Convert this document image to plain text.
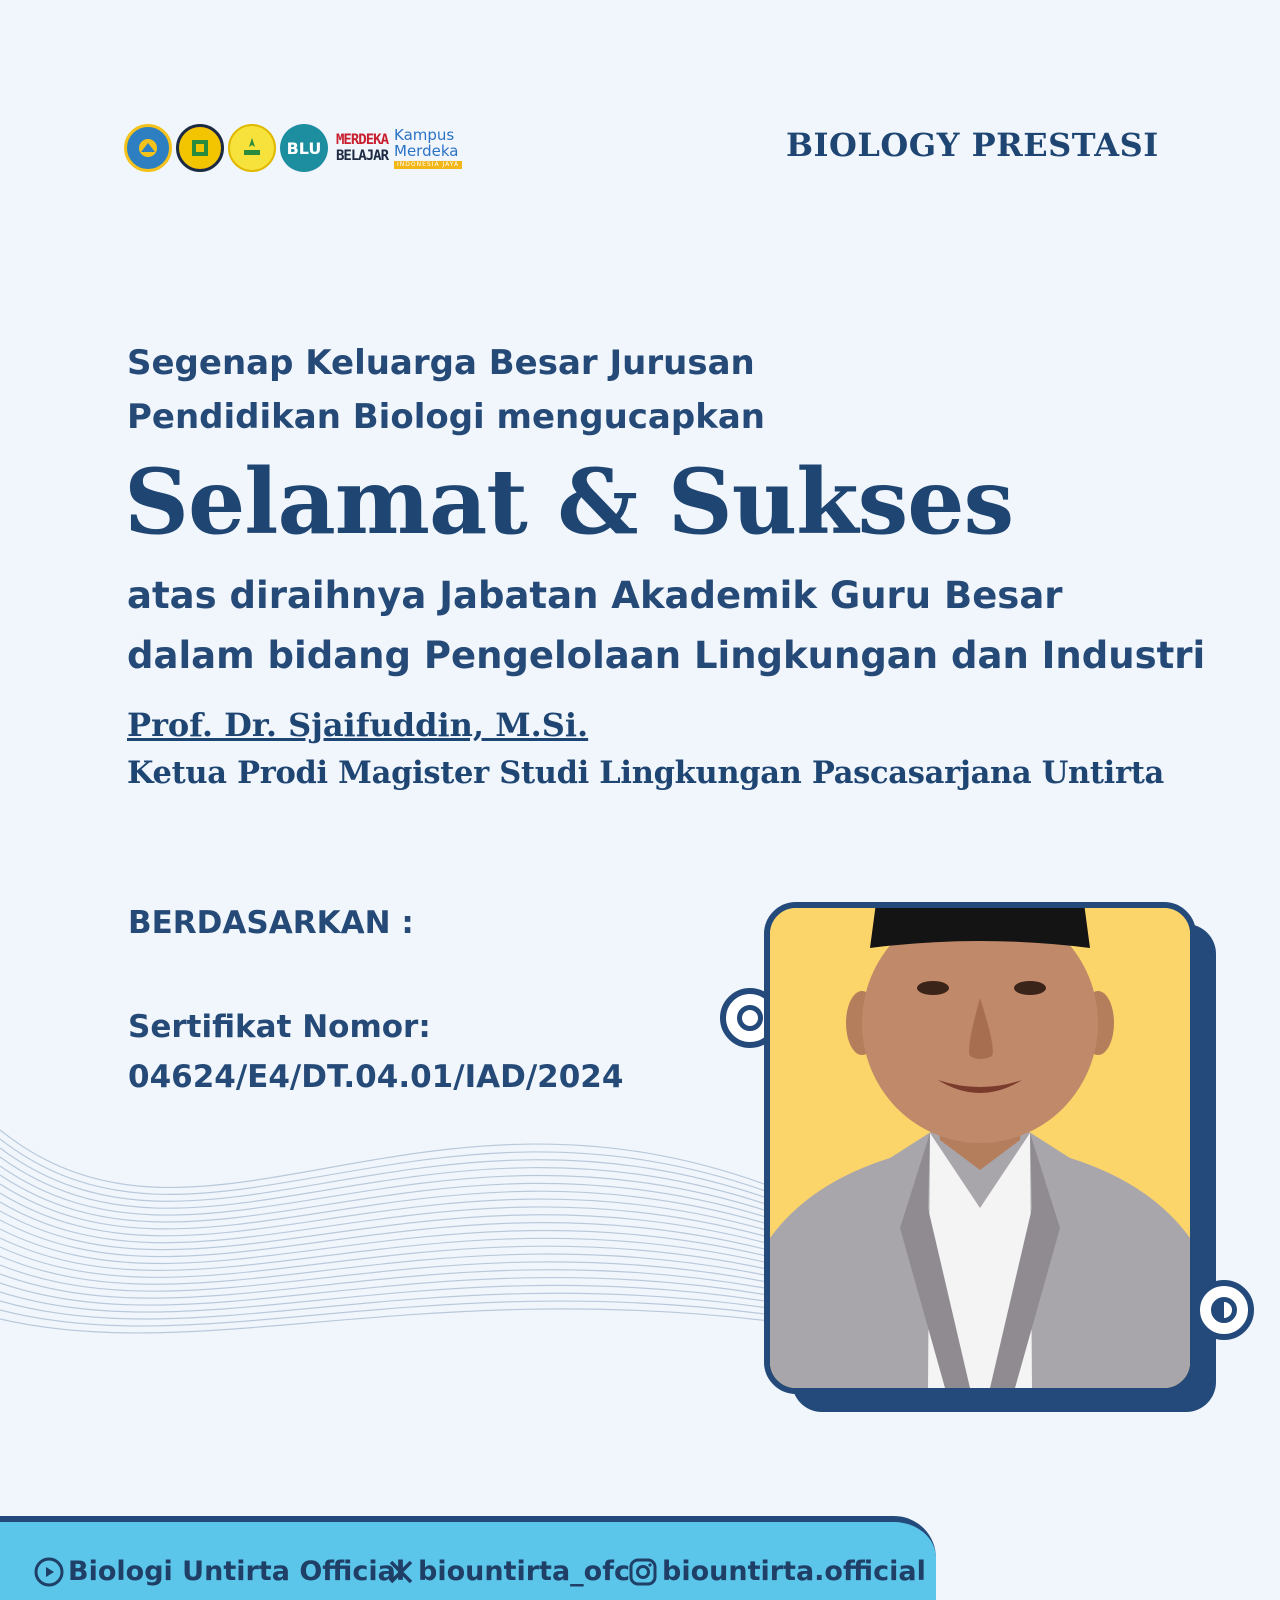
BLU MERDEKA
BELAJAR
Kampus
Merdeka
INDONESIA JAYA
BIOLOGY PRESTASI
Segenap Keluarga Besar Jurusan
Pendidikan Biologi mengucapkan
Selamat & Sukses
atas diraihnya Jabatan Akademik Guru Besar
dalam bidang Pengelolaan Lingkungan dan Industri
Prof. Dr. Sjaifuddin, M.Si.
Ketua Prodi Magister Studi Lingkungan Pascasarjana Untirta
BERDASARKAN :
Sertifikat Nomor:
04624/E4/DT.04.01/IAD/2024
Biologi Untirta Official biountirta_ofc biountirta.official
